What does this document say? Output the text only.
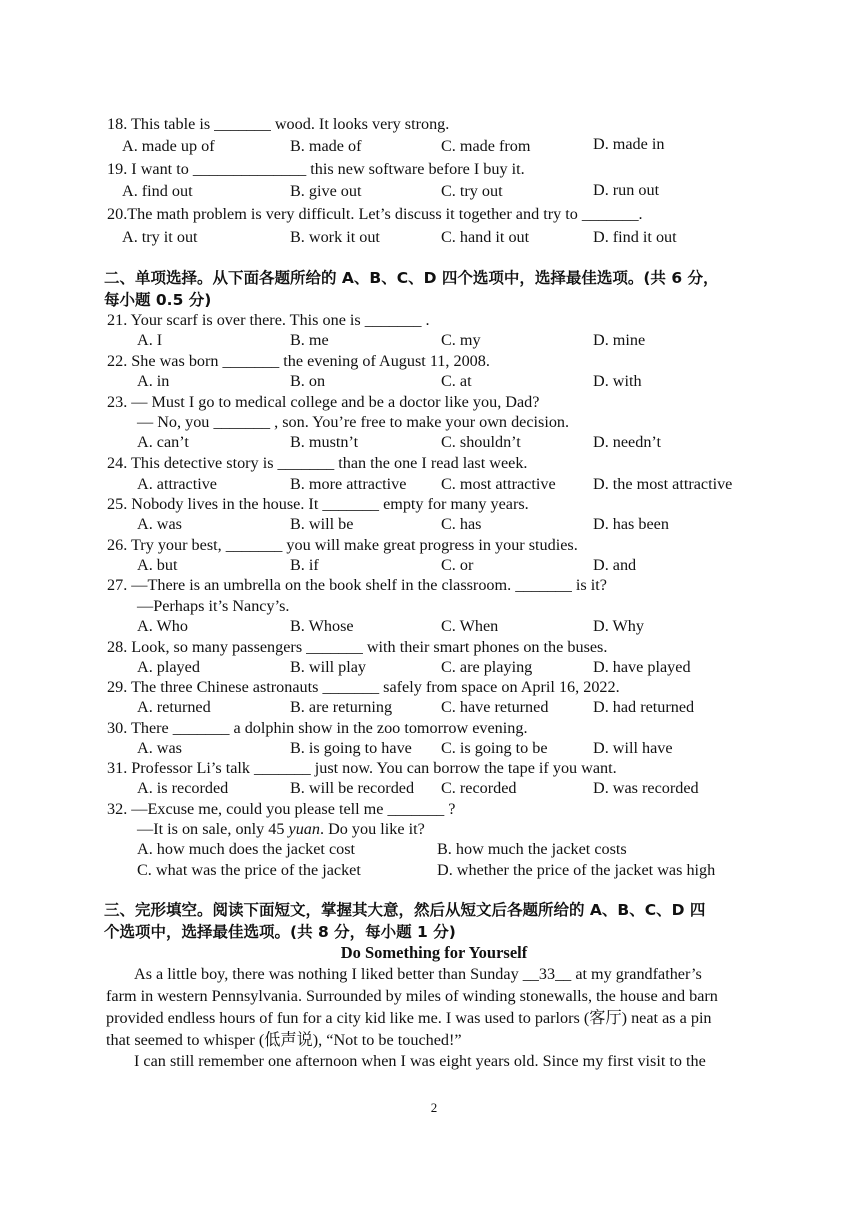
18. This table is _______ wood. It looks very strong.
A. made up of	B. made of	C. made from	D. made in
19. I want to ______________ this new software before I buy it.
A. find out	B. give out	C. try out	D. run out
20.The math problem is very difficult. Let’s discuss it together and try to _______.
A. try it out	B. work it out	C. hand it out	D. find it out
二、单项选择。从下面各题所给的 A、B、C、D 四个选项中，选择最佳选项。(共 6 分，
每小题 0.5 分)
21. Your scarf is over there. This one is _______ .
A. I	B. me	C. my	D. mine
22. She was born _______ the evening of August 11, 2008.
A. in	B. on	C. at	D. with
23. — Must I go to medical college and be a doctor like you, Dad?
— No, you _______ , son. You’re free to make your own decision.
A. can’t	B. mustn’t	C. shouldn’t	D. needn’t
24. This detective story is _______ than the one I read last week.
A. attractive	B. more attractive C. most attractive D. the most attractive
25. Nobody lives in the house. It _______ empty for many years.
A. was	B. will be	C. has	D. has been
26. Try your best, _______ you will make great progress in your studies.
A. but	B. if	C. or	D. and
27. —There is an umbrella on the book shelf in the classroom. _______ is it?
—Perhaps it’s Nancy’s.
A. Who	B. Whose	C. When	D. Why
28. Look, so many passengers _______ with their smart phones on the buses.
A. played	B. will play	C. are playing	D. have played
29. The three Chinese astronauts _______ safely from space on April 16, 2022.
A. returned	B. are returning	C. have returned	D. had returned
30. There _______ a dolphin show in the zoo tomorrow evening.
A. was	B. is going to have C. is going to be	D. will have
31. Professor Li’s talk _______ just now. You can borrow the tape if you want.
A. is recorded	B. will be recorded C. recorded	D. was recorded
32. —Excuse me, could you please tell me _______ ?
—It is on sale, only 45 yuan. Do you like it?
A. how much does the jacket cost	B. how much the jacket costs
C. what was the price of the jacket	D. whether the price of the jacket was high
三、完形填空。阅读下面短文，掌握其大意，然后从短文后各题所给的 A、B、C、D 四
个选项中，选择最佳选项。(共 8 分，每小题 1 分)
Do Something for Yourself
As a little boy, there was nothing I liked better than Sunday __33__ at my grandfather’s
farm in western Pennsylvania. Surrounded by miles of winding stonewalls, the house and barn
provided endless hours of fun for a city kid like me. I was used to parlors (客厅) neat as a pin
that seemed to whisper (低声说), “Not to be touched!”
I can still remember one afternoon when I was eight years old. Since my first visit to the
2
